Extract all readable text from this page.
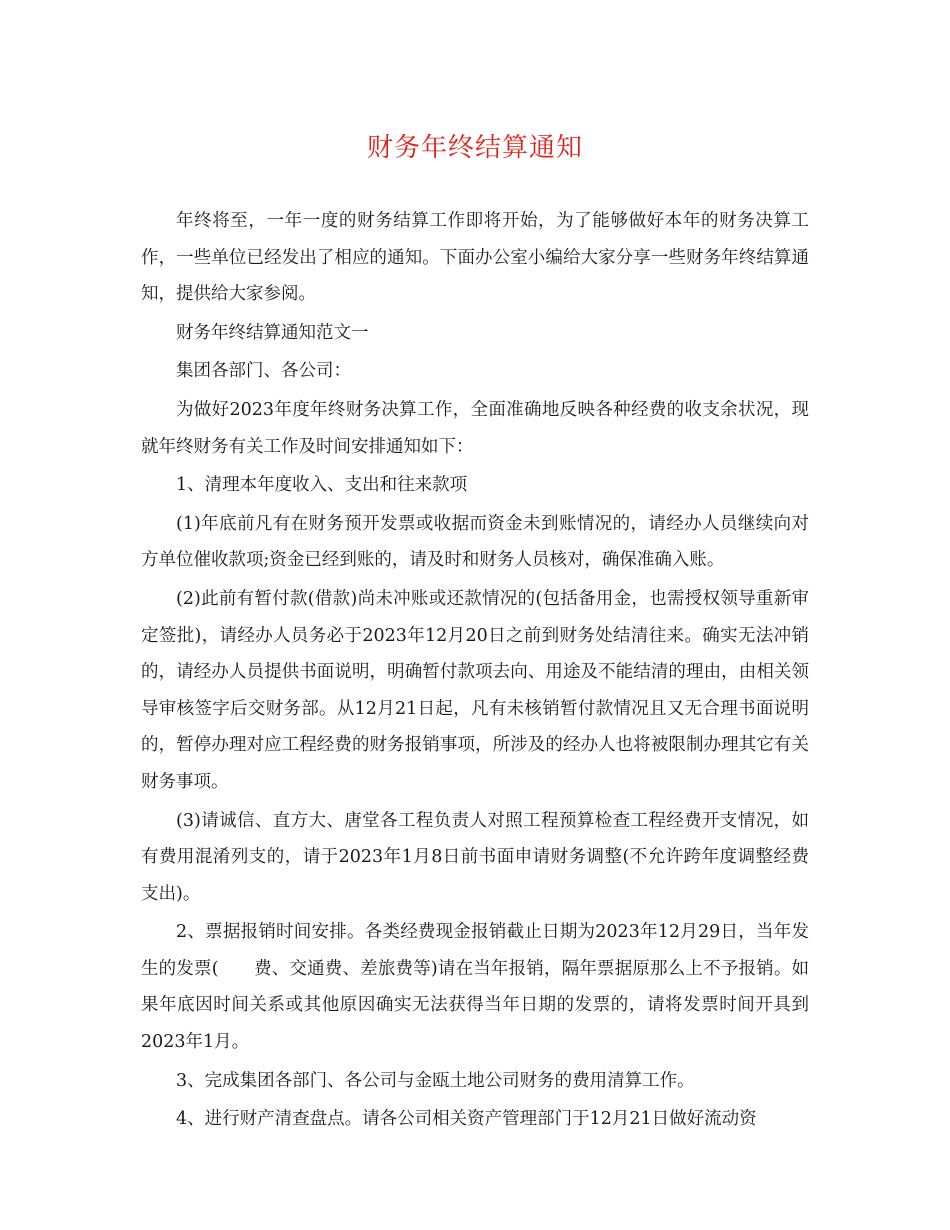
财务年终结算通知

年终将至，一年一度的财务结算工作即将开始，为了能够做好本年的财务决算工作，一些单位已经发出了相应的通知。下面办公室小编给大家分享一些财务年终结算通知，提供给大家参阅。

财务年终结算通知范文一

集团各部门、各公司：

为做好2023年度年终财务决算工作，全面准确地反映各种经费的收支余状况，现就年终财务有关工作及时间安排通知如下：

1、清理本年度收入、支出和往来款项

(1)年底前凡有在财务预开发票或收据而资金未到账情况的，请经办人员继续向对方单位催收款项;资金已经到账的，请及时和财务人员核对，确保准确入账。

(2)此前有暂付款(借款)尚未冲账或还款情况的(包括备用金，也需授权领导重新审定签批)，请经办人员务必于2023年12月20日之前到财务处结清往来。确实无法冲销的，请经办人员提供书面说明，明确暂付款项去向、用途及不能结清的理由，由相关领导审核签字后交财务部。从12月21日起，凡有未核销暂付款情况且又无合理书面说明的，暂停办理对应工程经费的财务报销事项，所涉及的经办人也将被限制办理其它有关财务事项。

(3)请诚信、直方大、唐堂各工程负责人对照工程预算检查工程经费开支情况，如有费用混淆列支的，请于2023年1月8日前书面申请财务调整(不允许跨年度调整经费支出)。

2、票据报销时间安排。各类经费现金报销截止日期为2023年12月29日，当年发生的发票(　　费、交通费、差旅费等)请在当年报销，隔年票据原那么上不予报销。如果年底因时间关系或其他原因确实无法获得当年日期的发票的，请将发票时间开具到2023年1月。

3、完成集团各部门、各公司与金瓯土地公司财务的费用清算工作。

4、进行财产清查盘点。请各公司相关资产管理部门于12月21日做好流动资
